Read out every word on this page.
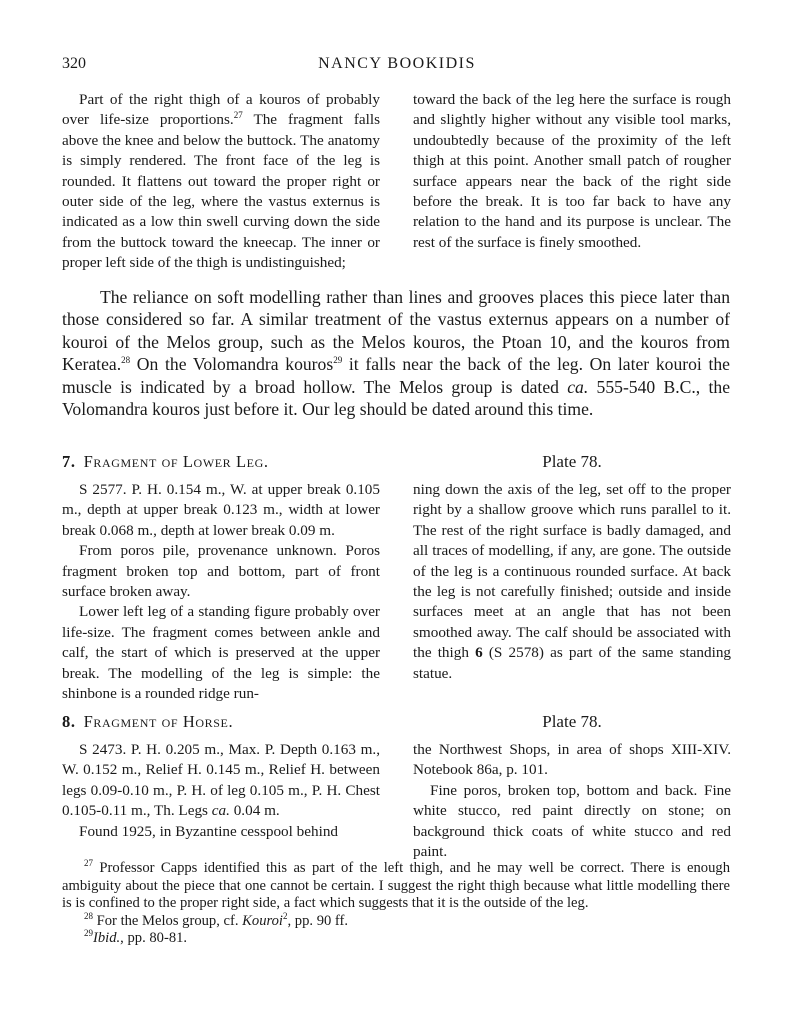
320	NANCY BOOKIDIS

Part of the right thigh of a kouros of probably over life-size proportions.$^{27}$ The fragment falls above the knee and below the buttock. The anatomy is simply rendered. The front face of the leg is rounded. It flattens out toward the proper right or outer side of the leg, where the vastus externus is indicated as a low thin swell curving down the side from the buttock toward the kneecap. The inner or proper left side of the thigh is undistinguished;

toward the back of the leg here the surface is rough and slightly higher without any visible tool marks, undoubtedly because of the proximity of the left thigh at this point. Another small patch of rougher surface appears near the back of the right side before the break. It is too far back to have any relation to the hand and its purpose is unclear. The rest of the surface is finely smoothed.

The reliance on soft modelling rather than lines and grooves places this piece later than those considered so far. A similar treatment of the vastus externus appears on a number of kouroi of the Melos group, such as the Melos kouros, the Ptoan 10, and the kouros from Keratea.$^{28}$ On the Volomandra kouros$^{29}$ it falls near the back of the leg. On later kouroi the muscle is indicated by a broad hollow. The Melos group is dated ca. 555-540 B.C., the Volomandra kouros just before it. Our leg should be dated around this time.

7. Fragment of Lower Leg.	Plate 78.

S 2577. P. H. 0.154 m., W. at upper break 0.105 m., depth at upper break 0.123 m., width at lower break 0.068 m., depth at lower break 0.09 m.

From poros pile, provenance unknown. Poros fragment broken top and bottom, part of front surface broken away.

Lower left leg of a standing figure probably over life-size. The fragment comes between ankle and calf, the start of which is preserved at the upper break. The modelling of the leg is simple: the shinbone is a rounded ridge run-

ning down the axis of the leg, set off to the proper right by a shallow groove which runs parallel to it. The rest of the right surface is badly damaged, and all traces of modelling, if any, are gone. The outside of the leg is a continuous rounded surface. At back the leg is not carefully finished; outside and inside surfaces meet at an angle that has not been smoothed away. The calf should be associated with the thigh 6 (S 2578) as part of the same standing statue.

8. Fragment of Horse.	Plate 78.

S 2473. P. H. 0.205 m., Max. P. Depth 0.163 m., W. 0.152 m., Relief H. 0.145 m., Relief H. between legs 0.09-0.10 m., P. H. of leg 0.105 m., P. H. Chest 0.105-0.11 m., Th. Legs ca. 0.04 m.

Found 1925, in Byzantine cesspool behind

the Northwest Shops, in area of shops XIII-XIV. Notebook 86a, p. 101.

Fine poros, broken top, bottom and back. Fine white stucco, red paint directly on stone; on background thick coats of white stucco and red paint.

$^{27}$ Professor Capps identified this as part of the left thigh, and he may well be correct. There is enough ambiguity about the piece that one cannot be certain. I suggest the right thigh because what little modelling there is is confined to the proper right side, a fact which suggests that it is the outside of the leg.

$^{28}$ For the Melos group, cf. Kouroi$^2$, pp. 90 ff.

$^{29}$Ibid., pp. 80-81.
